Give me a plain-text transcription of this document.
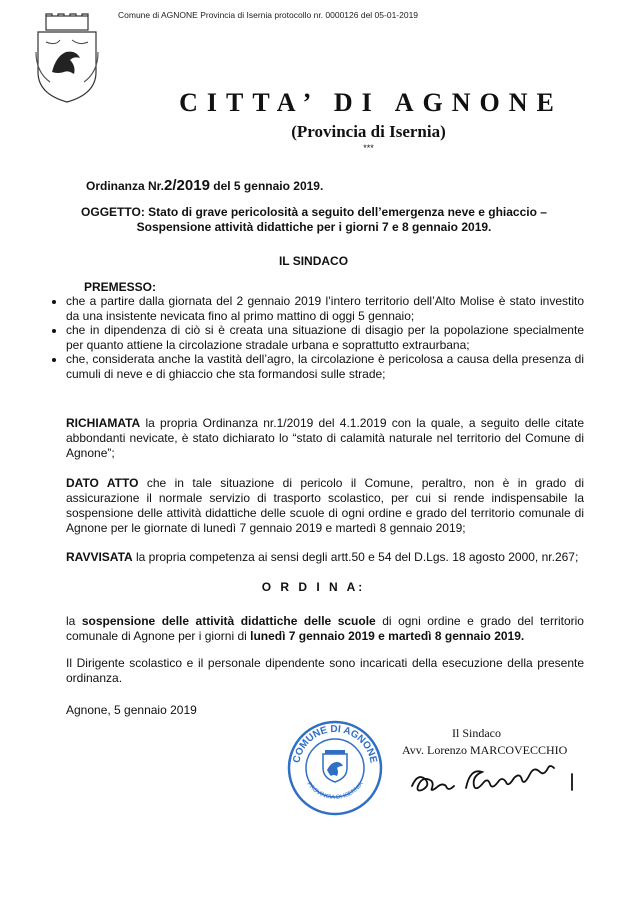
Comune di AGNONE Provincia di Isernia protocollo nr. 0000126 del 05-01-2019
CITTA’ DI AGNONE
(Provincia di Isernia)
***
Ordinanza Nr.2/2019 del 5 gennaio 2019.
OGGETTO: Stato di grave pericolosità a seguito dell’emergenza neve e ghiaccio –
Sospensione attività didattiche per i giorni 7 e 8 gennaio 2019.
IL SINDACO
PREMESSO:
• che a partire dalla giornata del 2 gennaio 2019 l’intero territorio dell’Alto Molise è stato investito da una insistente nevicata fino al primo mattino di oggi 5 gennaio;
• che in dipendenza di ciò si è creata una situazione di disagio per la popolazione specialmente per quanto attiene la circolazione stradale urbana e soprattutto extraurbana;
• che, considerata anche la vastità dell’agro, la circolazione è pericolosa a causa della presenza di cumuli di neve e di ghiaccio che sta formandosi sulle strade;
RICHIAMATA la propria Ordinanza nr.1/2019 del 4.1.2019 con la quale, a seguito delle citate abbondanti nevicate, è stato dichiarato lo “stato di calamità naturale nel territorio del Comune di Agnone”;
DATO ATTO che in tale situazione di pericolo il Comune, peraltro, non è in grado di assicurazione il normale servizio di trasporto scolastico, per cui si rende indispensabile la sospensione delle attività didattiche delle scuole di ogni ordine e grado del territorio comunale di Agnone per le giornate di lunedì 7 gennaio 2019 e martedì 8 gennaio 2019;
RAVVISATA la propria competenza ai sensi degli artt.50 e 54 del D.Lgs. 18 agosto 2000, nr.267;
O R D I N A:
la sospensione delle attività didattiche delle scuole di ogni ordine e grado del territorio comunale di Agnone per i giorni di lunedì 7 gennaio 2019 e martedì 8 gennaio 2019.
Il Dirigente scolastico e il personale dipendente sono incaricati della esecuzione della presente ordinanza.
Agnone, 5 gennaio 2019
COMUNE DI AGNONE
PROVINCIA DI ISERNIA
Il Sindaco
Avv. Lorenzo MARCOVECCHIO
